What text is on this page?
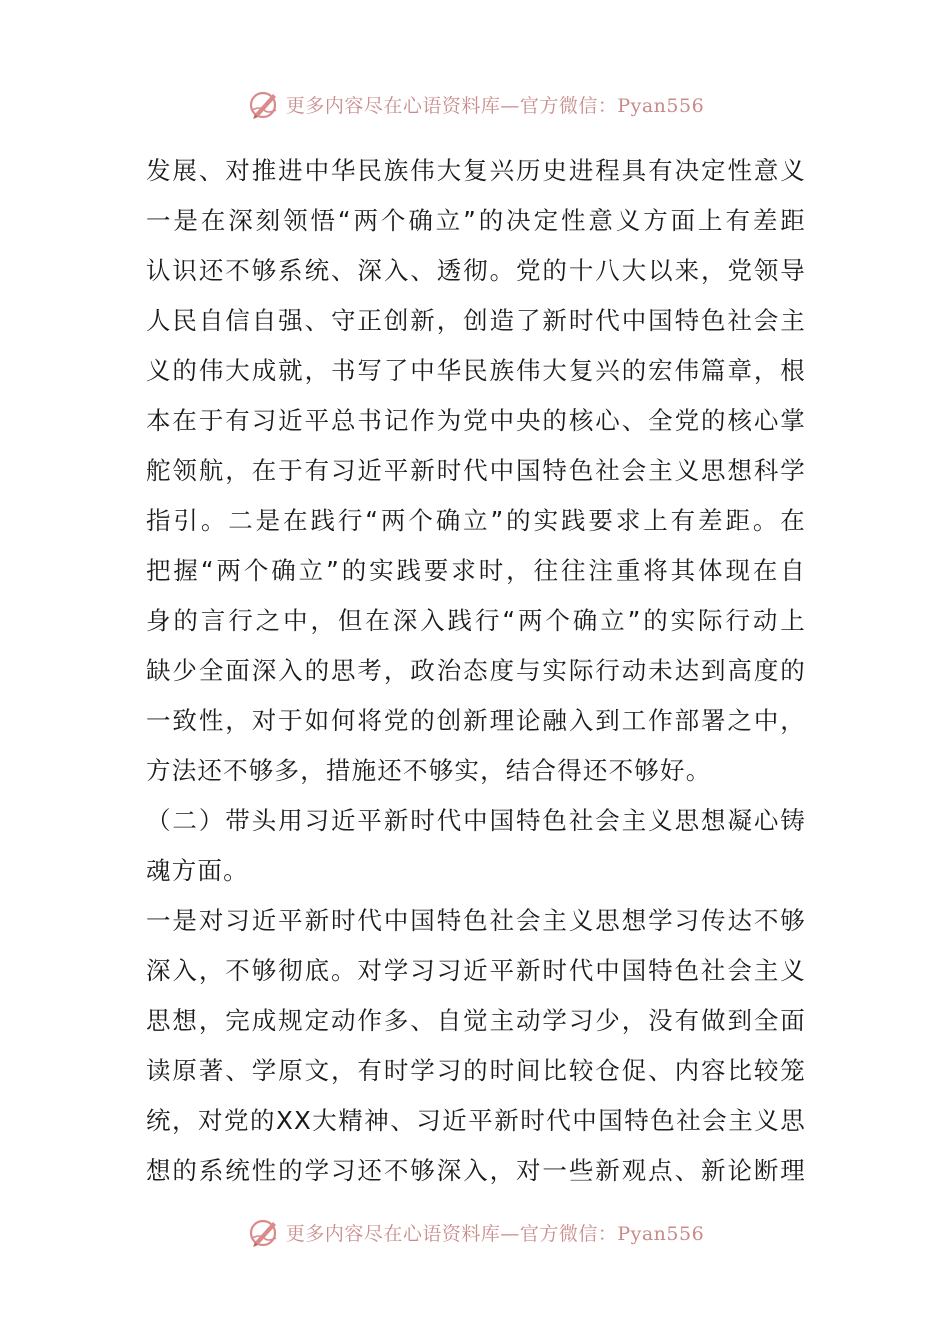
更多内容尽在心语资料库—官方微信：Pyan556
发展、对推进中华民族伟大复兴历史进程具有决定性意义
一是在深刻领悟“两个确立”的决定性意义方面上有差距
认识还不够系统、深入、透彻。党的十八大以来，党领导
人民自信自强、守正创新，创造了新时代中国特色社会主
义的伟大成就，书写了中华民族伟大复兴的宏伟篇章，根
本在于有习近平总书记作为党中央的核心、全党的核心掌
舵领航，在于有习近平新时代中国特色社会主义思想科学
指引。二是在践行“两个确立”的实践要求上有差距。在
把握“两个确立”的实践要求时，往往注重将其体现在自
身的言行之中，但在深入践行“两个确立”的实际行动上
缺少全面深入的思考，政治态度与实际行动未达到高度的
一致性，对于如何将党的创新理论融入到工作部署之中，
方法还不够多，措施还不够实，结合得还不够好。
（二）带头用习近平新时代中国特色社会主义思想凝心铸
魂方面。
一是对习近平新时代中国特色社会主义思想学习传达不够
深入，不够彻底。对学习习近平新时代中国特色社会主义
思想，完成规定动作多、自觉主动学习少，没有做到全面
读原著、学原文，有时学习的时间比较仓促、内容比较笼
统，对党的XX大精神、习近平新时代中国特色社会主义思
想的系统性的学习还不够深入，对一些新观点、新论断理
更多内容尽在心语资料库—官方微信：Pyan556
